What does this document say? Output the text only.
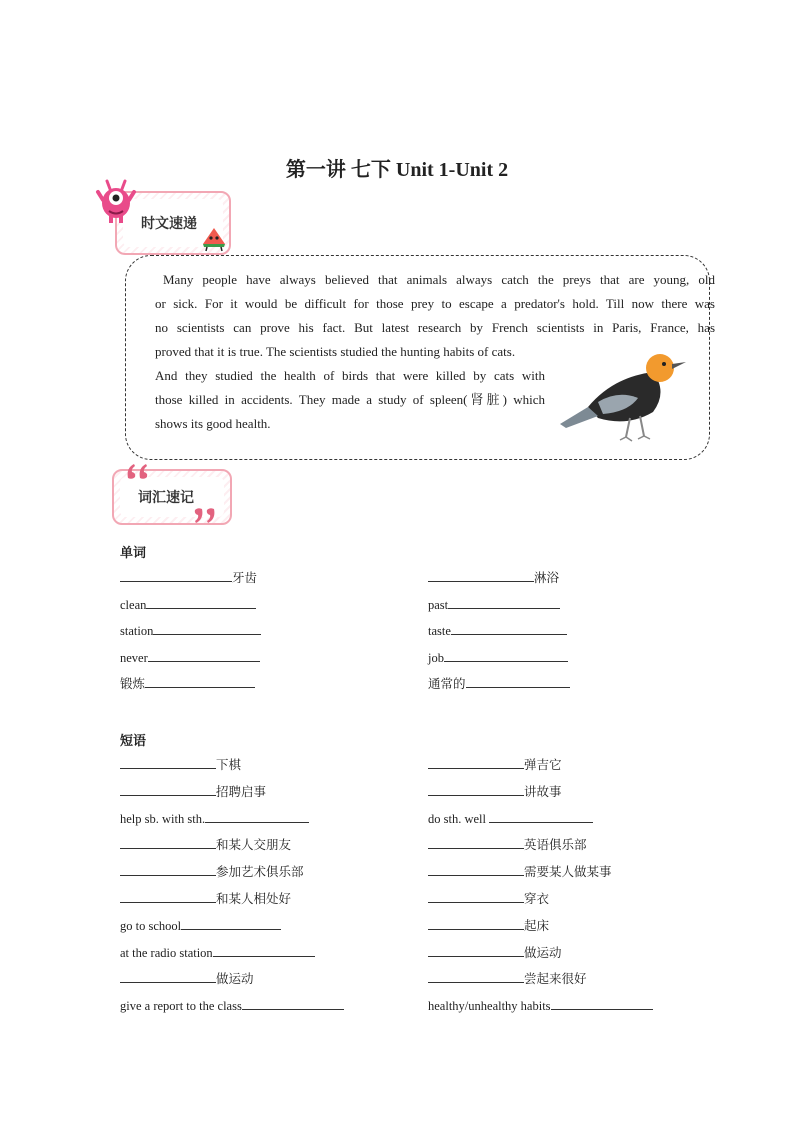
第一讲 七下 Unit 1-Unit 2
时文速递

Many people have always believed that animals always catch the preys that are young, old

or sick. For it would be difficult for those prey to escape a predator's hold. Till now there was

no scientists can prove his fact. But latest research by French scientists in Paris, France, has

proved that it is true. The scientists studied the hunting habits of cats.

And they studied the health of birds that were killed by cats with

those killed in accidents. They made a study of spleen(肾脏) which

shows its good health.

词汇速记
单词
牙齿
clean
station
never
锻炼
淋浴
past
taste
job
通常的
下棋
招聘启事
help sb. with sth.
和某人交朋友
参加艺术俱乐部
和某人相处好
go to school
at the radio station
做运动
give a report to the class
弹吉它
讲故事
do sth. well
英语俱乐部
需要某人做某事
穿衣
起床
做运动
尝起来很好
healthy/unhealthy habits
短语
